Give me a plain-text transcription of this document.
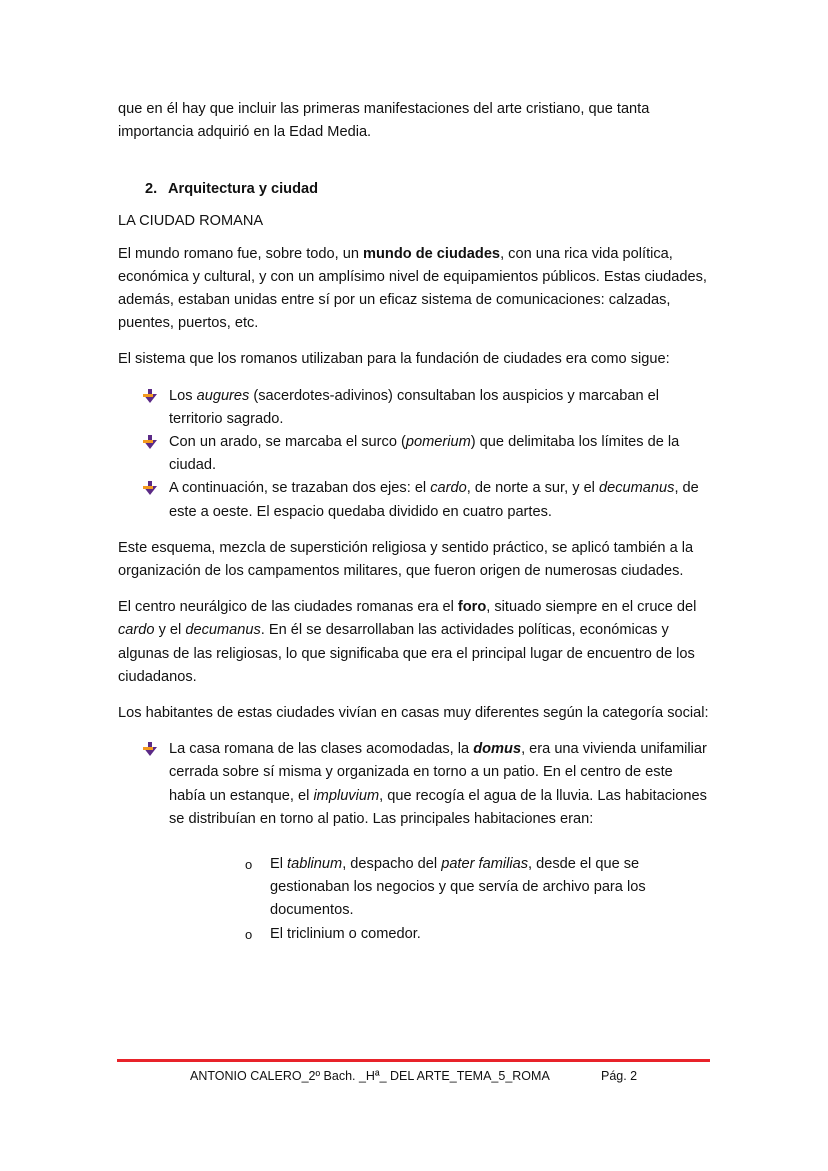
que en él hay que incluir las primeras manifestaciones del arte cristiano, que tanta importancia adquirió en la Edad Media.

2. Arquitectura y ciudad

LA CIUDAD ROMANA

El mundo romano fue, sobre todo, un mundo de ciudades, con una rica vida política, económica y cultural, y con un amplísimo nivel de equipamientos públicos. Estas ciudades, además, estaban unidas entre sí por un eficaz sistema de comunicaciones: calzadas, puentes, puertos, etc.

El sistema que los romanos utilizaban para la fundación de ciudades era como sigue:

Los augures (sacerdotes-adivinos) consultaban los auspicios y marcaban el territorio sagrado.
Con un arado, se marcaba el surco (pomerium) que delimitaba los límites de la ciudad.
A continuación, se trazaban dos ejes: el cardo, de norte a sur, y el decumanus, de este a oeste. El espacio quedaba dividido en cuatro partes.

Este esquema, mezcla de superstición religiosa y sentido práctico, se aplicó también a la organización de los campamentos militares, que fueron origen de numerosas ciudades.

El centro neurálgico de las ciudades romanas era el foro, situado siempre en el cruce del cardo y el decumanus. En él se desarrollaban las actividades políticas, económicas y algunas de las religiosas, lo que significaba que era el principal lugar de encuentro de los ciudadanos.

Los habitantes de estas ciudades vivían en casas muy diferentes según la categoría social:

La casa romana de las clases acomodadas, la domus, era una vivienda unifamiliar cerrada sobre sí misma y organizada en torno a un patio. En el centro de este había un estanque, el impluvium, que recogía el agua de la lluvia. Las habitaciones se distribuían en torno al patio. Las principales habitaciones eran:
o El tablinum, despacho del pater familias, desde el que se gestionaban los negocios y que servía de archivo para los documentos.
o El triclinium o comedor.
ANTONIO CALERO_2º Bach. _Hª_ DEL ARTE_TEMA_5_ROMA	Pág. 2
